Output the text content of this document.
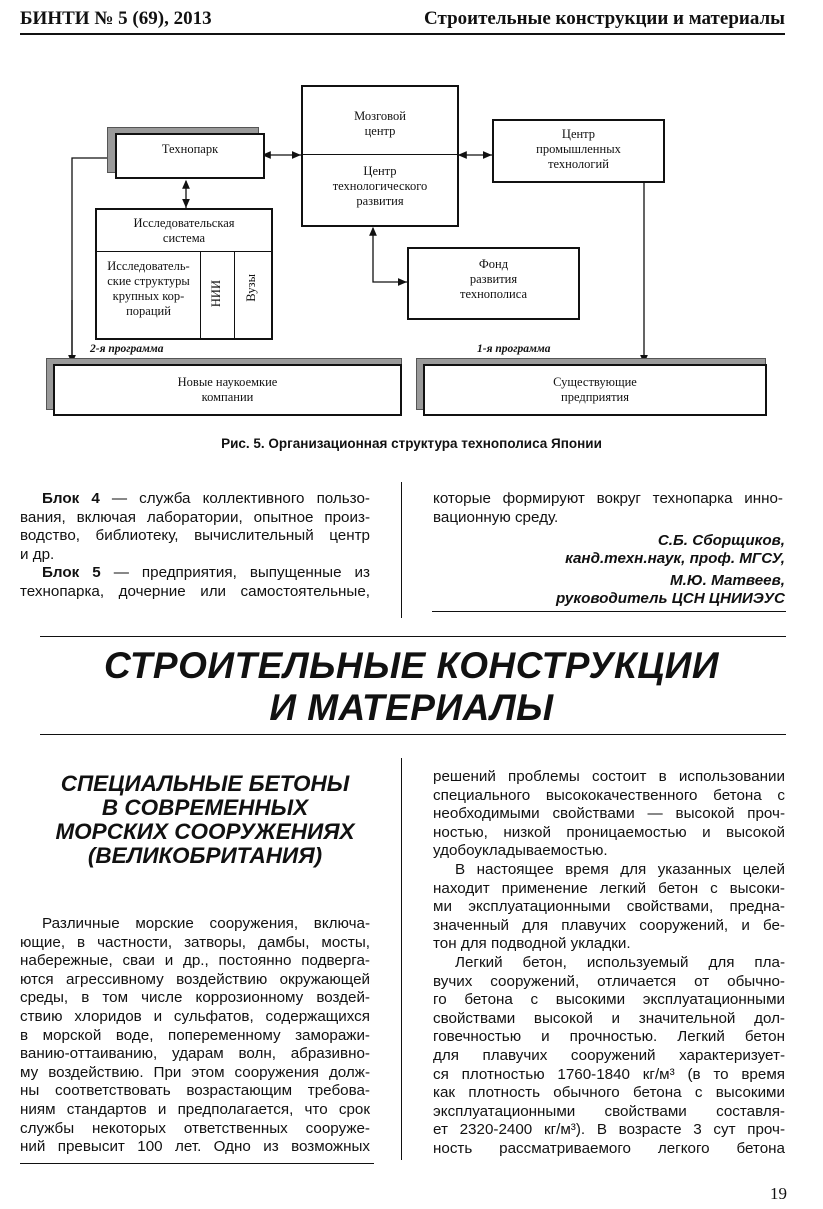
БИНТИ № 5 (69), 2013	Строительные конструкции и материалы
Технопарк
Мозговой
центр
Центр
технологического
развития
Центр
промышленных
технологий
Исследовательская
система
Исследователь-
ские структуры
крупных кор-
пораций
НИИ Вузы
Фонд
развития
технополиса
2-я программа	1-я программа
Новые наукоемкие
компании
Существующие
предприятия
Рис. 5. Организационная структура технополиса Японии
Блок 4 — служба коллективного пользо-
вания, включая лаборатории, опытное произ-
водство, библиотеку, вычислительный центр
и др.
Блок 5 — предприятия, выпущенные из
технопарка, дочерние или самостоятельные,
которые формируют вокруг технопарка инно-
вационную среду.
С.Б. Сборщиков,
канд.техн.наук, проф. МГСУ,
М.Ю. Матвеев,
руководитель ЦСН ЦНИИЭУС
СТРОИТЕЛЬНЫЕ КОНСТРУКЦИИ
И МАТЕРИАЛЫ
СПЕЦИАЛЬНЫЕ БЕТОНЫ
В СОВРЕМЕННЫХ
МОРСКИХ СООРУЖЕНИЯХ
(ВЕЛИКОБРИТАНИЯ)
Различные морские сооружения, включа-
ющие, в частности, затворы, дамбы, мосты,
набережные, сваи и др., постоянно подверга-
ются агрессивному воздействию окружающей
среды, в том числе коррозионному воздей-
ствию хлоридов и сульфатов, содержащихся
в морской воде, попеременному заморажи-
ванию-оттаиванию, ударам волн, абразивно-
му воздействию. При этом сооружения долж-
ны соответствовать возрастающим требова-
ниям стандартов и предполагается, что срок
службы некоторых ответственных сооруже-
ний превысит 100 лет. Одно из возможных
решений проблемы состоит в использовании
специального высококачественного бетона с
необходимыми свойствами — высокой проч-
ностью, низкой проницаемостью и высокой
удобоукладываемостью.
В настоящее время для указанных целей
находит применение легкий бетон с высоки-
ми эксплуатационными свойствами, предна-
значенный для плавучих сооружений, и бе-
тон для подводной укладки.
Легкий бетон, используемый для пла-
вучих сооружений, отличается от обычно-
го бетона с высокими эксплуатационными
свойствами высокой и значительной дол-
говечностью и прочностью. Легкий бетон
для плавучих сооружений характеризует-
ся плотностью 1760-1840 кг/м³ (в то время
как плотность обычного бетона с высокими
эксплуатационными свойствами составля-
ет 2320-2400 кг/м³). В возрасте 3 сут проч-
ность рассматриваемого легкого бетона
19
